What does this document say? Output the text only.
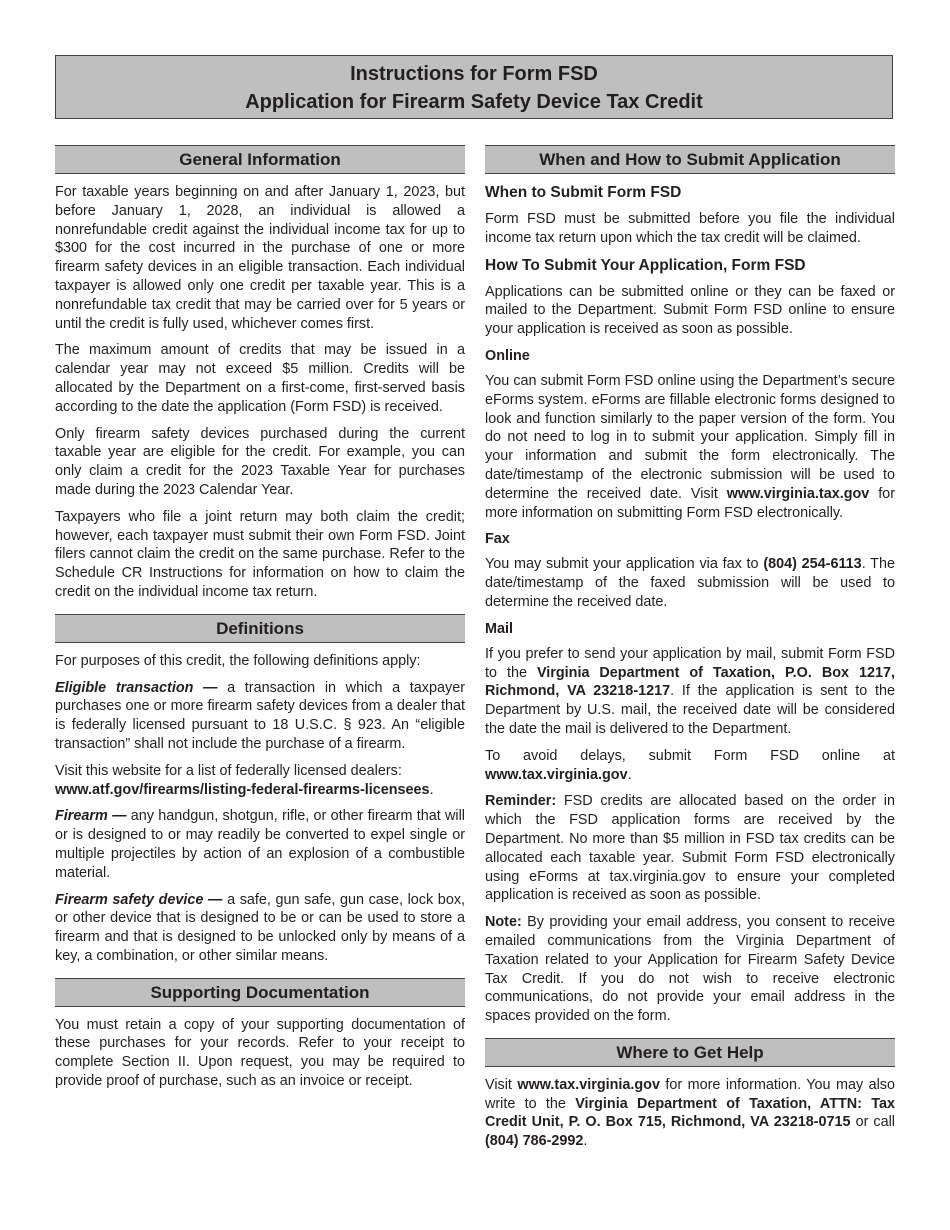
Instructions for Form FSD
Application for Firearm Safety Device Tax Credit
General Information

For taxable years beginning on and after January 1, 2023, but before January 1, 2028, an individual is allowed a nonrefundable credit against the individual income tax for up to $300 for the cost incurred in the purchase of one or more firearm safety devices in an eligible transaction. Each individual taxpayer is allowed only one credit per taxable year. This is a nonrefundable tax credit that may be carried over for 5 years or until the credit is fully used, whichever comes first.

The maximum amount of credits that may be issued in a calendar year may not exceed $5 million. Credits will be allocated by the Department on a first-come, first-served basis according to the date the application (Form FSD) is received.

Only firearm safety devices purchased during the current taxable year are eligible for the credit. For example, you can only claim a credit for the 2023 Taxable Year for purchases made during the 2023 Calendar Year.

Taxpayers who file a joint return may both claim the credit; however, each taxpayer must submit their own Form FSD. Joint filers cannot claim the credit on the same purchase. Refer to the Schedule CR Instructions for information on how to claim the credit on the individual income tax return.

Definitions

For purposes of this credit, the following definitions apply:

Eligible transaction — a transaction in which a taxpayer purchases one or more firearm safety devices from a dealer that is federally licensed pursuant to 18 U.S.C. § 923. An “eligible transaction” shall not include the purchase of a firearm.

Visit this website for a list of federally licensed dealers:
www.atf.gov/firearms/listing-federal-firearms-licensees.

Firearm — any handgun, shotgun, rifle, or other firearm that will or is designed to or may readily be converted to expel single or multiple projectiles by action of an explosion of a combustible material.

Firearm safety device — a safe, gun safe, gun case, lock box, or other device that is designed to be or can be used to store a firearm and that is designed to be unlocked only by means of a key, a combination, or other similar means.

Supporting Documentation

You must retain a copy of your supporting documentation of these purchases for your records. Refer to your receipt to complete Section II. Upon request, you may be required to provide proof of purchase, such as an invoice or receipt.

When and How to Submit Application
When to Submit Form FSD

Form FSD must be submitted before you file the individual income tax return upon which the tax credit will be claimed.

How To Submit Your Application, Form FSD

Applications can be submitted online or they can be faxed or mailed to the Department. Submit Form FSD online to ensure your application is received as soon as possible.

Online

You can submit Form FSD online using the Department’s secure eForms system. eForms are fillable electronic forms designed to look and function similarly to the paper version of the form. You do not need to log in to submit your application. Simply fill in your information and submit the form electronically. The date/timestamp of the electronic submission will be used to determine the received date. Visit www.virginia.tax.gov for more information on submitting Form FSD electronically.

Fax

You may submit your application via fax to (804) 254-6113. The date/timestamp of the faxed submission will be used to determine the received date.

Mail

If you prefer to send your application by mail, submit Form FSD to the Virginia Department of Taxation, P.O. Box 1217, Richmond, VA 23218-1217. If the application is sent to the Department by U.S. mail, the received date will be considered the date the mail is delivered to the Department.

To avoid delays, submit Form FSD online at www.tax.virginia.gov.

Reminder: FSD credits are allocated based on the order in which the FSD application forms are received by the Department. No more than $5 million in FSD tax credits can be allocated each taxable year. Submit Form FSD electronically using eForms at tax.virginia.gov to ensure your completed application is received as soon as possible.

Note: By providing your email address, you consent to receive emailed communications from the Virginia Department of Taxation related to your Application for Firearm Safety Device Tax Credit. If you do not wish to receive electronic communications, do not provide your email address in the spaces provided on the form.

Where to Get Help

Visit www.tax.virginia.gov for more information. You may also write to the Virginia Department of Taxation, ATTN: Tax Credit Unit, P. O. Box 715, Richmond, VA 23218-0715 or call (804) 786-2992.
